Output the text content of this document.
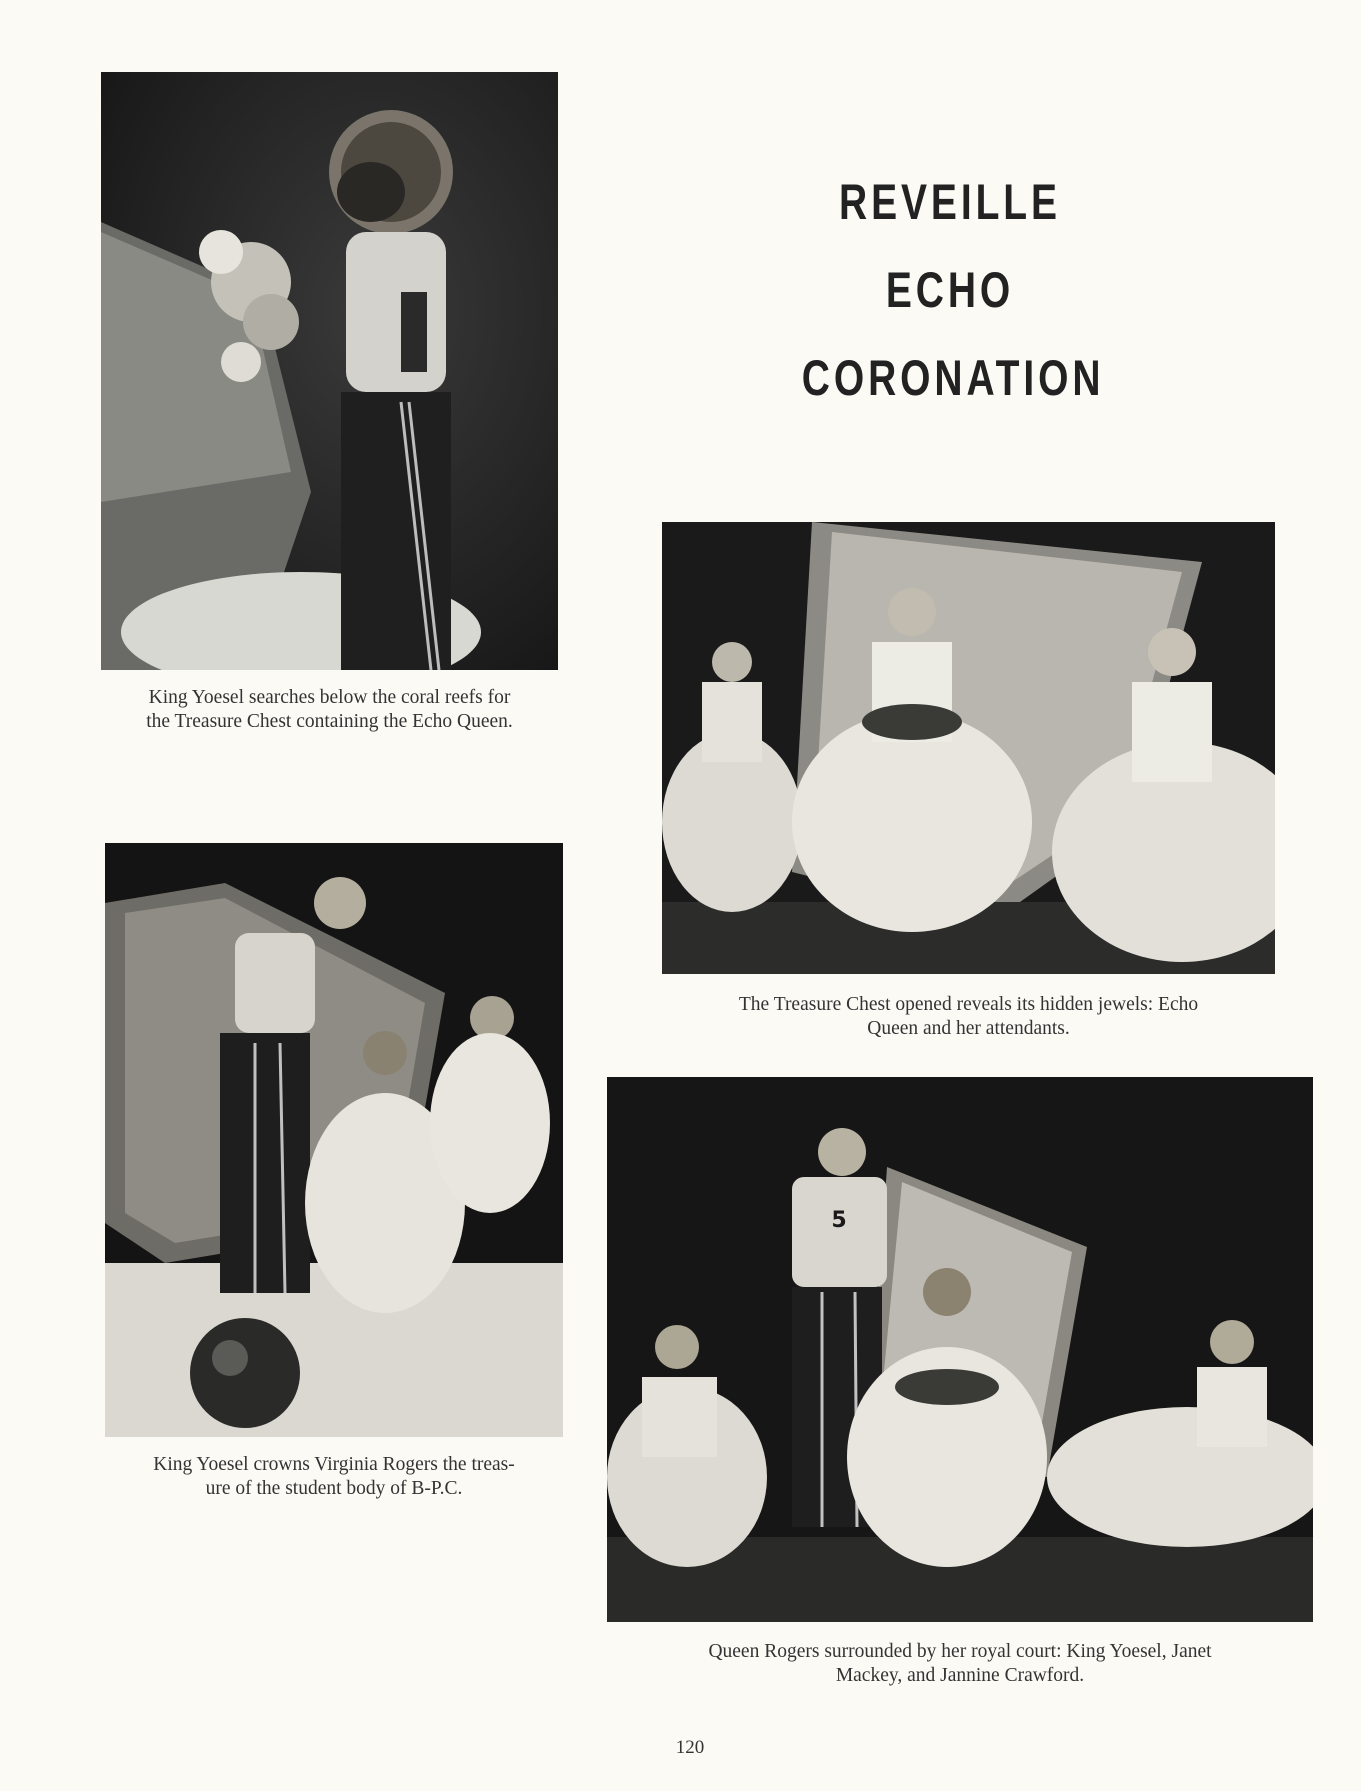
REVEILLE ECHO
CORONATION
King Yoesel searches below the coral reefs for
the Treasure Chest containing the Echo Queen.
The Treasure Chest opened reveals its hidden jewels: Echo
Queen and her attendants.
King Yoesel crowns Virginia Rogers the treas-
ure of the student body of B-P.C.
5
Queen Rogers surrounded by her royal court: King Yoesel, Janet
Mackey, and Jannine Crawford.
120
